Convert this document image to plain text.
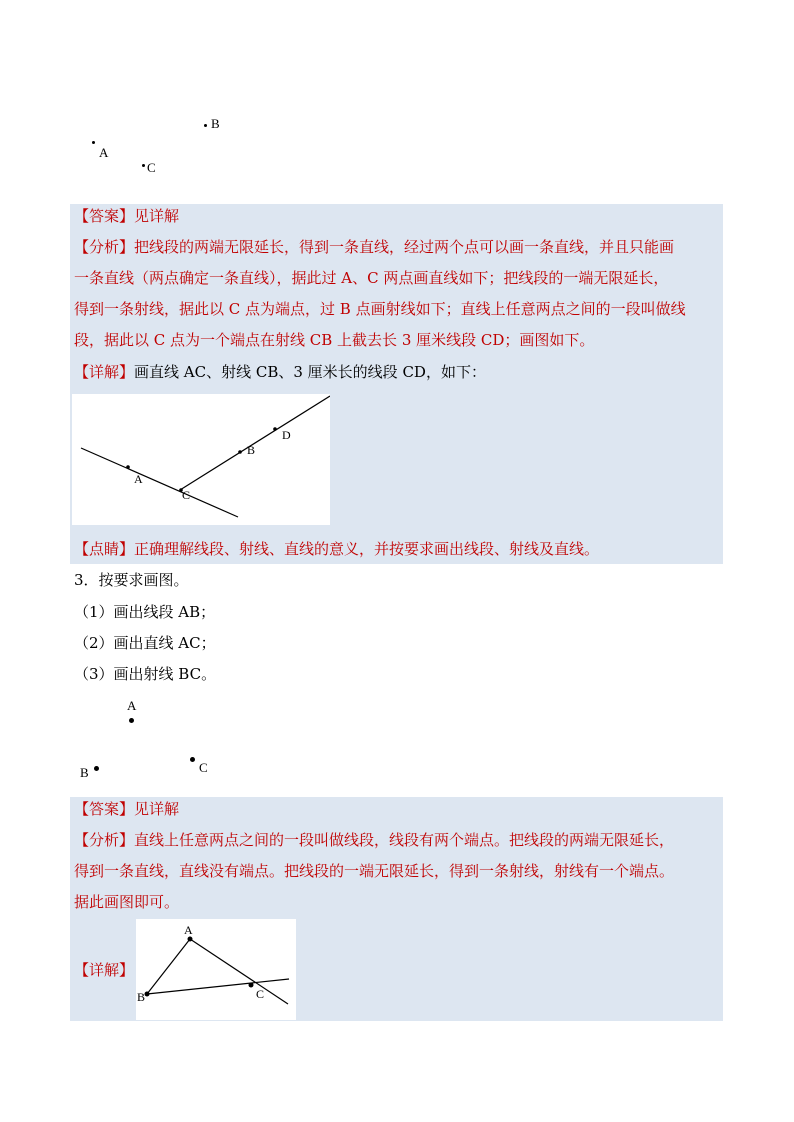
B
A
C
【答案】见详解
【分析】把线段的两端无限延长，得到一条直线，经过两个点可以画一条直线，并且只能画
一条直线（两点确定一条直线），据此过 A、C 两点画直线如下；把线段的一端无限延长，
得到一条射线，据此以 C 点为端点，过 B 点画射线如下；直线上任意两点之间的一段叫做线
段，据此以 C 点为一个端点在射线 CB 上截去长 3 厘米线段 CD；画图如下。
【详解】画直线 AC、射线 CB、3 厘米长的线段 CD，如下：
A
C
B
D
【点睛】正确理解线段、射线、直线的意义，并按要求画出线段、射线及直线。
3．按要求画图。
（1）画出线段 AB；
（2）画出直线 AC；
（3）画出射线 BC。
A
B	C
【答案】见详解
【分析】直线上任意两点之间的一段叫做线段，线段有两个端点。把线段的两端无限延长，
得到一条直线，直线没有端点。把线段的一端无限延长，得到一条射线，射线有一个端点。
据此画图即可。
【详解】
A
B	C
